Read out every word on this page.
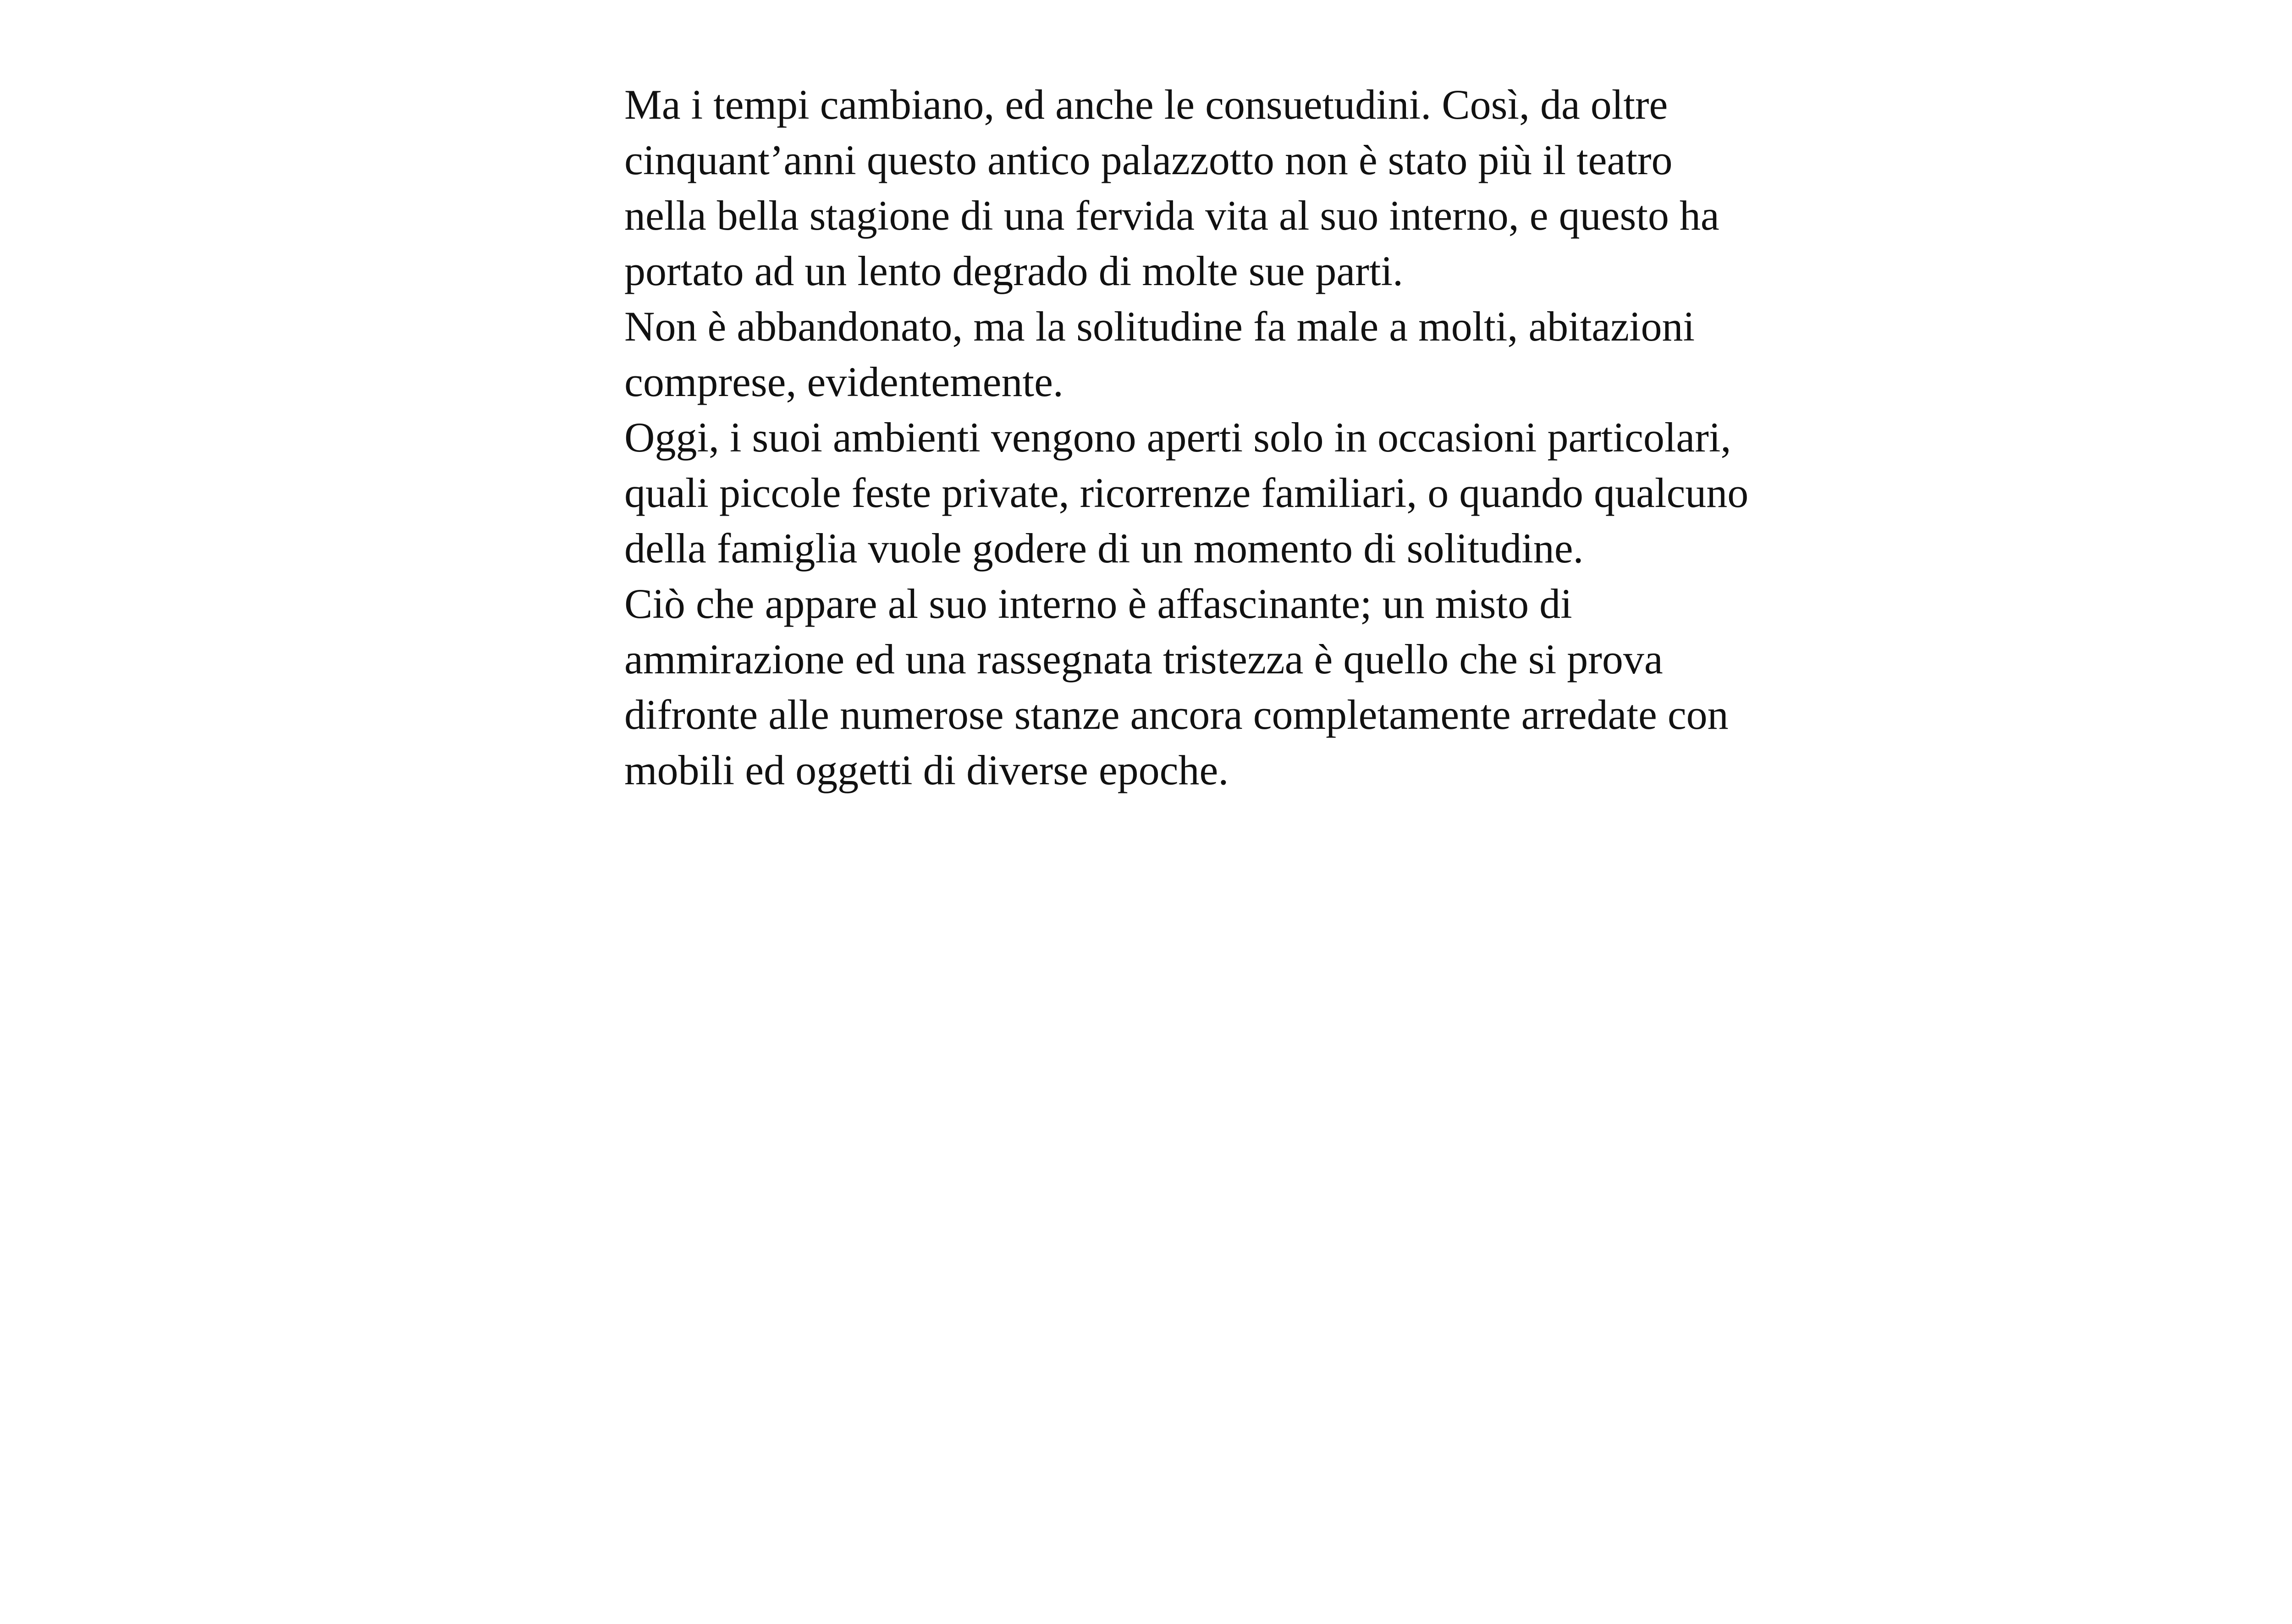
Ma i tempi cambiano, ed anche le consuetudini. Così, da oltre
cinquant’anni questo antico palazzotto non è stato più il teatro
nella bella stagione di una fervida vita al suo interno, e questo ha
portato ad un lento degrado di molte sue parti.
Non è abbandonato, ma la solitudine fa male a molti, abitazioni
comprese, evidentemente.
Oggi, i suoi ambienti vengono aperti solo in occasioni particolari,
quali piccole feste private, ricorrenze familiari, o quando qualcuno
della famiglia vuole godere di un momento di solitudine.
Ciò che appare al suo interno è affascinante; un misto di
ammirazione ed una rassegnata tristezza è quello che si prova
difronte alle numerose stanze ancora completamente arredate con
mobili ed oggetti di diverse epoche.
